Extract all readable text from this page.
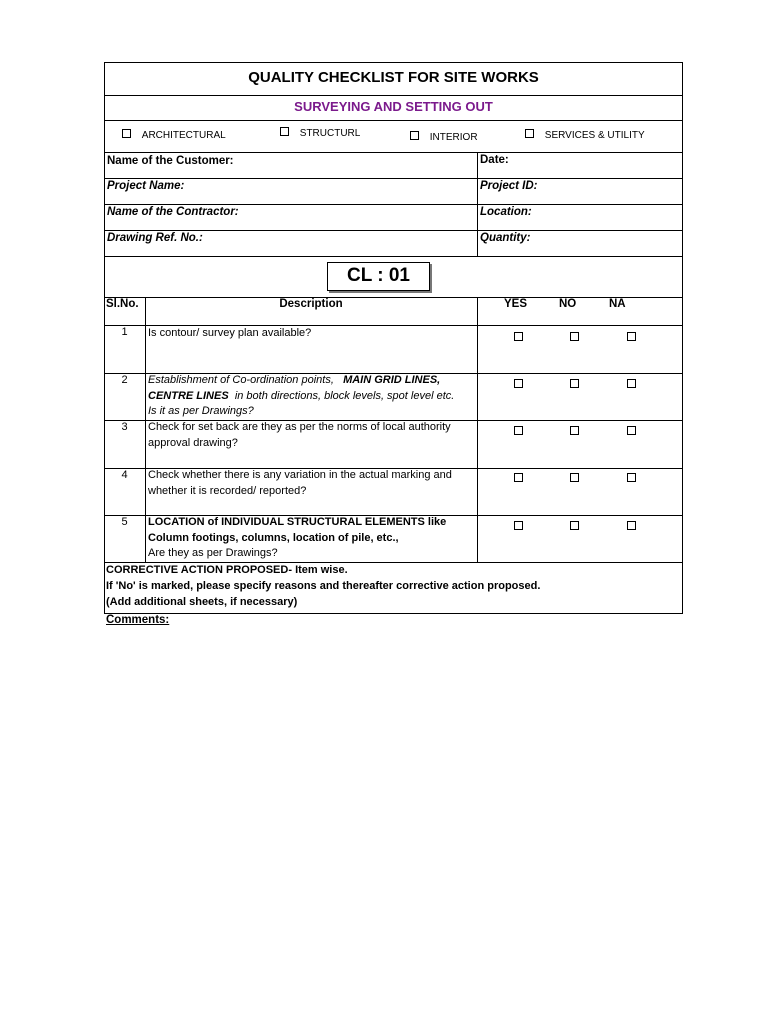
QUALITY CHECKLIST FOR SITE WORKS
SURVEYING AND SETTING OUT
ARCHITECTURAL	STRUCTURL	INTERIOR	SERVICES & UTILITY
Name of the Customer:	Date:
Project Name:	Project ID:
Name of the Contractor:	Location:
Drawing Ref. No.:	Quantity:
CL : 01
Sl.No.	Description	YES	NO	NA
1	Is contour/ survey plan available?
2	Establishment of Co-ordination points, MAIN GRID LINES,
CENTRE LINES in both directions, block levels, spot level etc.
Is it as per Drawings?
3	Check for set back are they as per the norms of local authority
approval drawing?
4	Check whether there is any variation in the actual marking and
whether it is recorded/ reported?
5	LOCATION of INDIVIDUAL STRUCTURAL ELEMENTS like
Column footings, columns, location of pile, etc.,
Are they as per Drawings?
CORRECTIVE ACTION PROPOSED- Item wise.
If 'No' is marked, please specify reasons and thereafter corrective action proposed.
(Add additional sheets, if necessary)
Comments:
